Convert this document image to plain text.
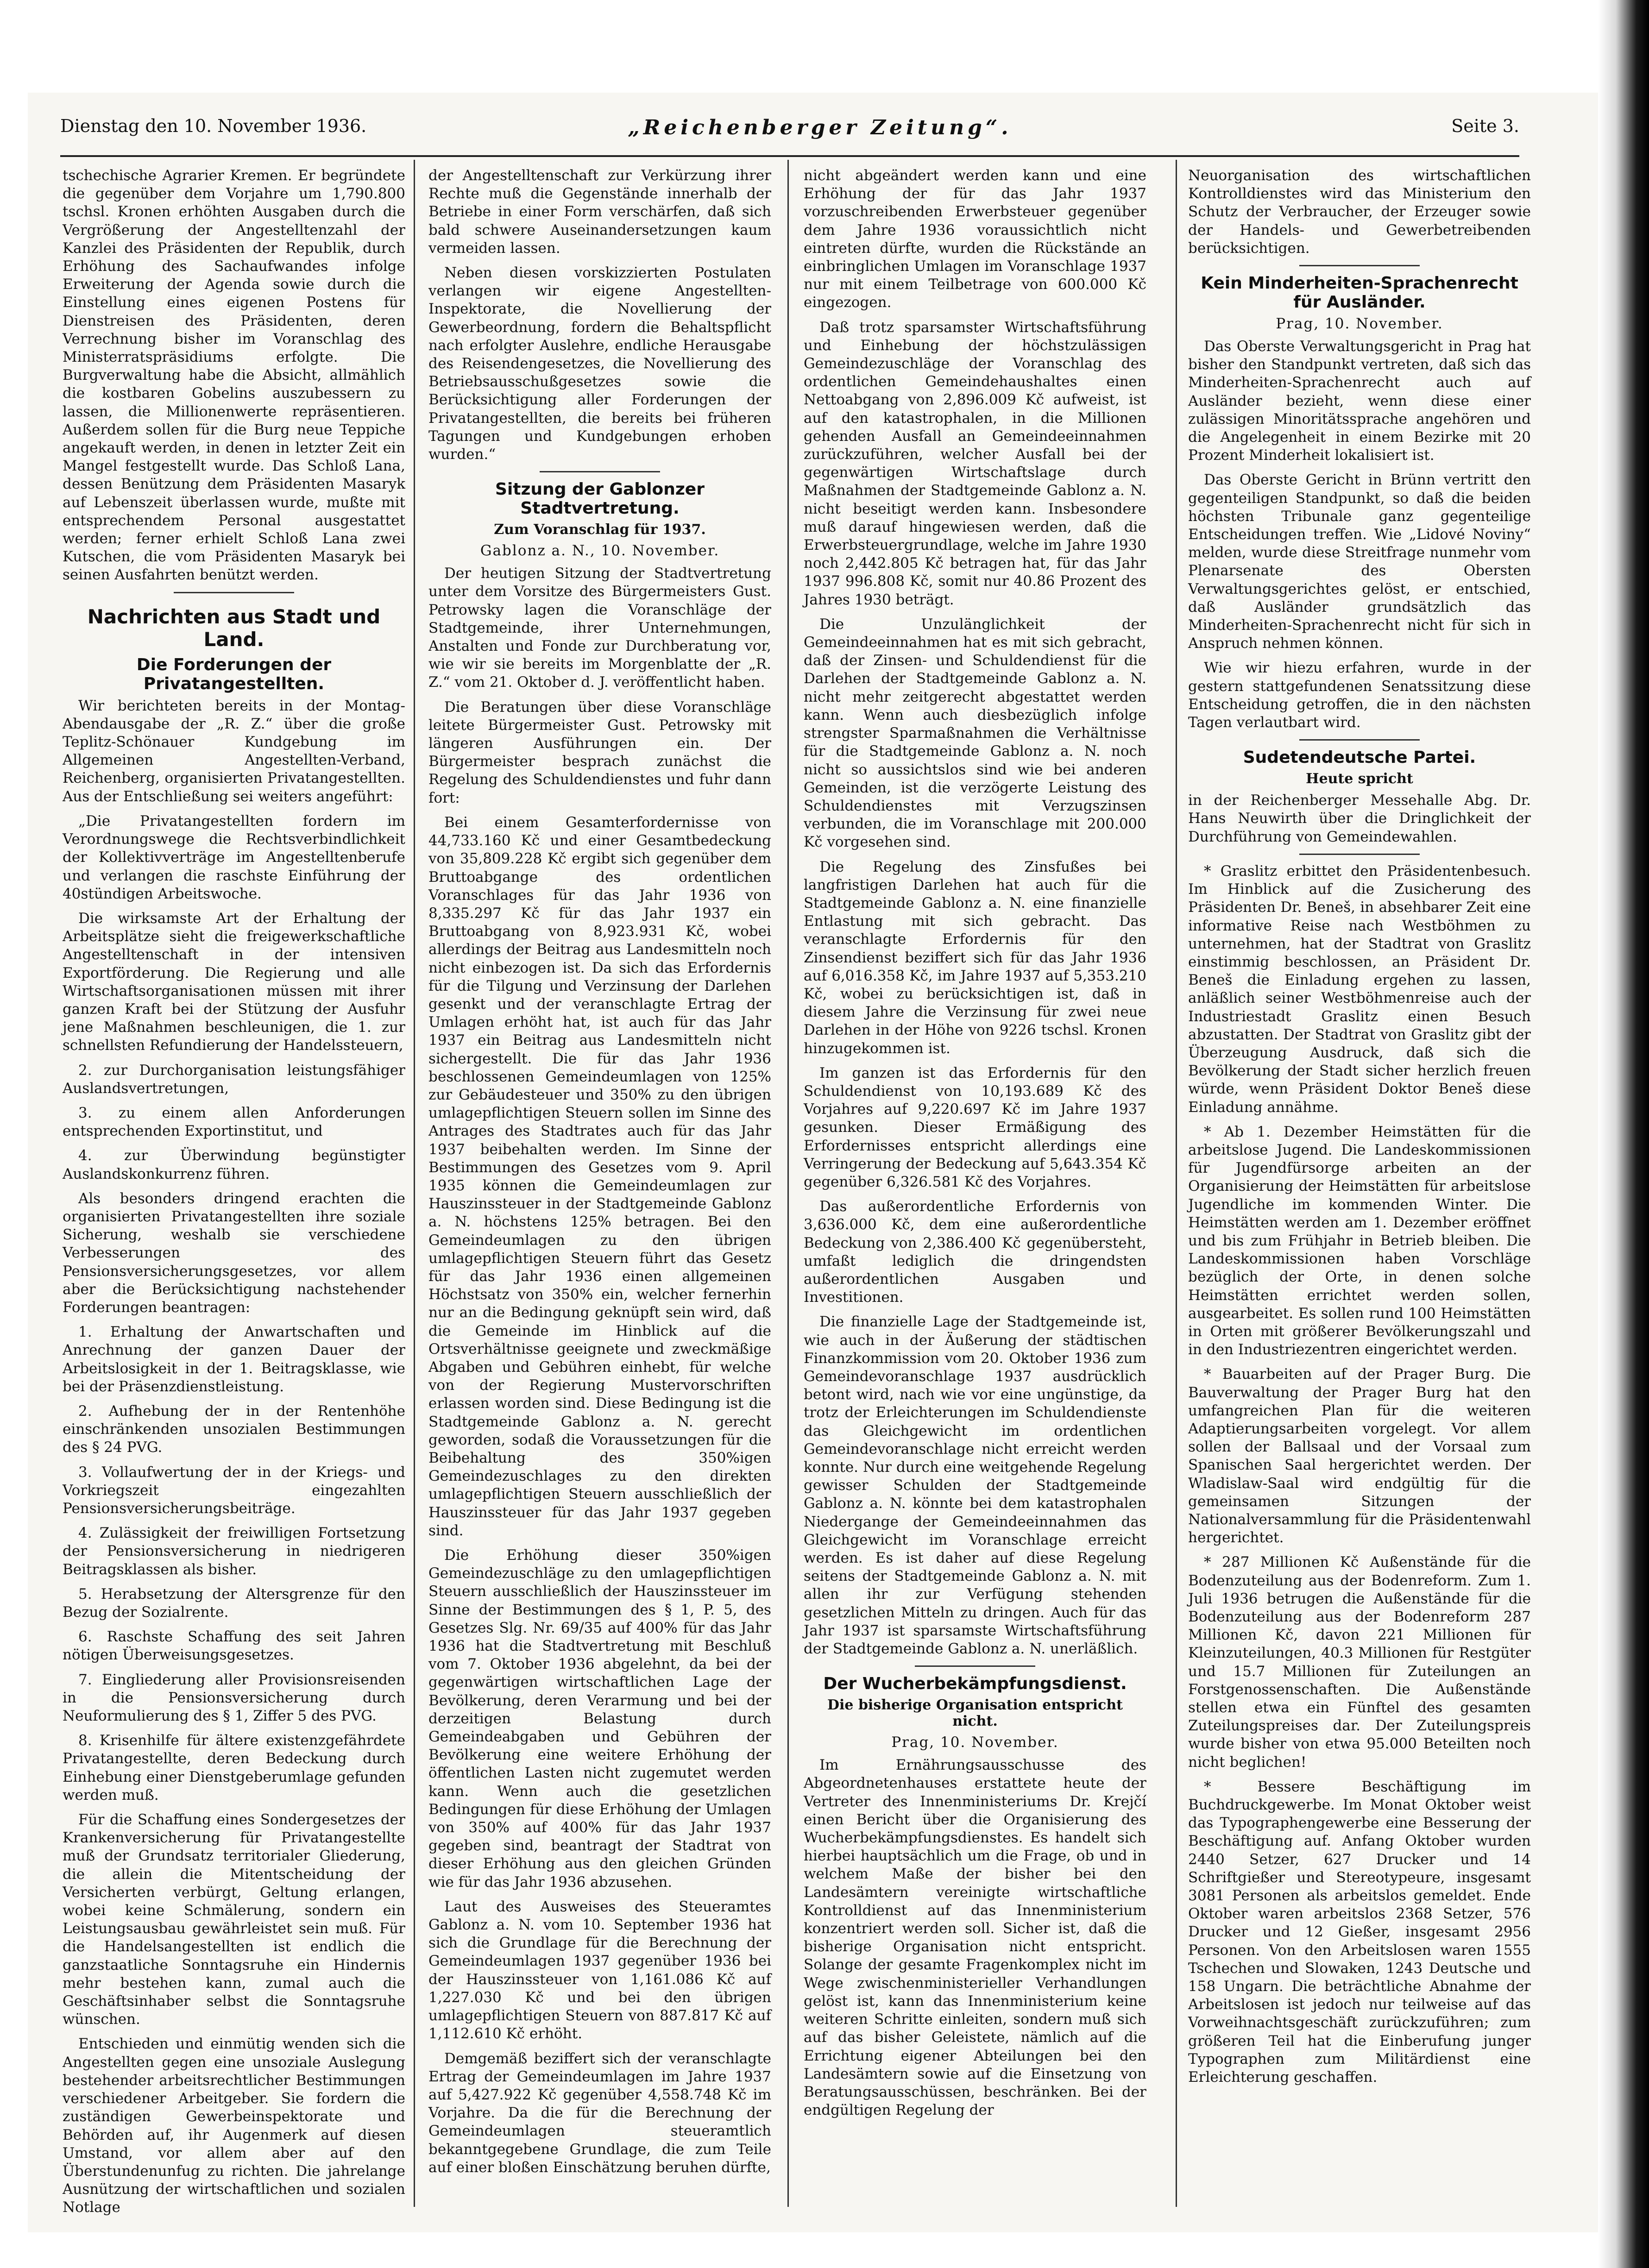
Dienstag den 10. November 1936.	„Reichenberger Zeitung“.	Seite 3.

tschechische Agrarier Kremen. Er begründete die gegenüber dem Vorjahre um 1,790.800 tschsl. Kronen erhöhten Ausgaben durch die Vergrößerung der Angestelltenzahl der Kanzlei des Präsidenten der Republik, durch Erhöhung des Sachaufwandes infolge Erweiterung der Agenda sowie durch die Einstellung eines eigenen Postens für Dienstreisen des Präsidenten, deren Verrechnung bisher im Voranschlag des Ministerratspräsidiums erfolgte. Die Burgverwaltung habe die Absicht, allmählich die kostbaren Gobelins auszubessern zu lassen, die Millionenwerte repräsentieren. Außerdem sollen für die Burg neue Teppiche angekauft werden, in denen in letzter Zeit ein Mangel festgestellt wurde. Das Schloß Lana, dessen Benützung dem Präsidenten Masaryk auf Lebenszeit überlassen wurde, mußte mit entsprechendem Personal ausgestattet werden; ferner erhielt Schloß Lana zwei Kutschen, die vom Präsidenten Masaryk bei seinen Ausfahrten benützt werden.

Nachrichten aus Stadt und Land.
Die Forderungen der Privatangestellten.

Wir berichteten bereits in der Montag-Abendausgabe der „R. Z.“ über die große Teplitz-Schönauer Kundgebung im Allgemeinen Angestellten-Verband, Reichenberg, organisierten Privatangestellten. Aus der Entschließung sei weiters angeführt:

„Die Privatangestellten fordern im Verordnungswege die Rechtsverbindlichkeit der Kollektivverträge im Angestelltenberufe und verlangen die raschste Einführung der 40stündigen Arbeitswoche.

Die wirksamste Art der Erhaltung der Arbeitsplätze sieht die freigewerkschaftliche Angestelltenschaft in der intensiven Exportförderung. Die Regierung und alle Wirtschaftsorganisationen müssen mit ihrer ganzen Kraft bei der Stützung der Ausfuhr jene Maßnahmen beschleunigen, die 1. zur schnellsten Refundierung der Handelssteuern,

2. zur Durchorganisation leistungsfähiger Auslandsvertretungen,

3. zu einem allen Anforderungen entsprechenden Exportinstitut, und

4. zur Überwindung begünstigter Auslandskonkurrenz führen.

Als besonders dringend erachten die organisierten Privatangestellten ihre soziale Sicherung, weshalb sie verschiedene Verbesserungen des Pensionsversicherungsgesetzes, vor allem aber die Berücksichtigung nachstehender Forderungen beantragen:

1. Erhaltung der Anwartschaften und Anrechnung der ganzen Dauer der Arbeitslosigkeit in der 1. Beitragsklasse, wie bei der Präsenzdienstleistung.

2. Aufhebung der in der Rentenhöhe einschränkenden unsozialen Bestimmungen des § 24 PVG.

3. Vollaufwertung der in der Kriegs- und Vorkriegszeit eingezahlten Pensionsversicherungsbeiträge.

4. Zulässigkeit der freiwilligen Fortsetzung der Pensionsversicherung in niedrigeren Beitragsklassen als bisher.

5. Herabsetzung der Altersgrenze für den Bezug der Sozialrente.

6. Raschste Schaffung des seit Jahren nötigen Überweisungsgesetzes.

7. Eingliederung aller Provisionsreisenden in die Pensionsversicherung durch Neuformulierung des § 1, Ziffer 5 des PVG.

8. Krisenhilfe für ältere existenzgefährdete Privatangestellte, deren Bedeckung durch Einhebung einer Dienstgeberumlage gefunden werden muß.

Für die Schaffung eines Sondergesetzes der Krankenversicherung für Privatangestellte muß der Grundsatz territorialer Gliederung, die allein die Mitentscheidung der Versicherten verbürgt, Geltung erlangen, wobei keine Schmälerung, sondern ein Leistungsausbau gewährleistet sein muß. Für die Handelsangestellten ist endlich die ganzstaatliche Sonntagsruhe ein Hindernis mehr bestehen kann, zumal auch die Geschäftsinhaber selbst die Sonntagsruhe wünschen.

Entschieden und einmütig wenden sich die Angestellten gegen eine unsoziale Auslegung bestehender arbeitsrechtlicher Bestimmungen verschiedener Arbeitgeber. Sie fordern die zuständigen Gewerbeinspektorate und Behörden auf, ihr Augenmerk auf diesen Umstand, vor allem aber auf den Überstundenunfug zu richten. Die jahrelange Ausnützung der wirtschaftlichen und sozialen Notlage

der Angestelltenschaft zur Verkürzung ihrer Rechte muß die Gegenstände innerhalb der Betriebe in einer Form verschärfen, daß sich bald schwere Auseinandersetzungen kaum vermeiden lassen.

Neben diesen vorskizzierten Postulaten verlangen wir eigene Angestellten-Inspektorate, die Novellierung der Gewerbeordnung, fordern die Behaltspflicht nach erfolgter Auslehre, endliche Herausgabe des Reisendengesetzes, die Novellierung des Betriebsausschußgesetzes sowie die Berücksichtigung aller Forderungen der Privatangestellten, die bereits bei früheren Tagungen und Kundgebungen erhoben wurden.“

Sitzung der Gablonzer Stadtvertretung.
Zum Voranschlag für 1937.
Gablonz a. N., 10. November.

Der heutigen Sitzung der Stadtvertretung unter dem Vorsitze des Bürgermeisters Gust. Petrowsky lagen die Voranschläge der Stadtgemeinde, ihrer Unternehmungen, Anstalten und Fonde zur Durchberatung vor, wie wir sie bereits im Morgenblatte der „R. Z.“ vom 21. Oktober d. J. veröffentlicht haben.

Die Beratungen über diese Voranschläge leitete Bürgermeister Gust. Petrowsky mit längeren Ausführungen ein. Der Bürgermeister besprach zunächst die Regelung des Schuldendienstes und fuhr dann fort:

Bei einem Gesamterfordernisse von 44,733.160 Kč und einer Gesamtbedeckung von 35,809.228 Kč ergibt sich gegenüber dem Bruttoabgange des ordentlichen Voranschlages für das Jahr 1936 von 8,335.297 Kč für das Jahr 1937 ein Bruttoabgang von 8,923.931 Kč, wobei allerdings der Beitrag aus Landesmitteln noch nicht einbezogen ist. Da sich das Erfordernis für die Tilgung und Verzinsung der Darlehen gesenkt und der veranschlagte Ertrag der Umlagen erhöht hat, ist auch für das Jahr 1937 ein Beitrag aus Landesmitteln nicht sichergestellt. Die für das Jahr 1936 beschlossenen Gemeindeumlagen von 125% zur Gebäudesteuer und 350% zu den übrigen umlagepflichtigen Steuern sollen im Sinne des Antrages des Stadtrates auch für das Jahr 1937 beibehalten werden. Im Sinne der Bestimmungen des Gesetzes vom 9. April 1935 können die Gemeindeumlagen zur Hauszinssteuer in der Stadtgemeinde Gablonz a. N. höchstens 125% betragen. Bei den Gemeindeumlagen zu den übrigen umlagepflichtigen Steuern führt das Gesetz für das Jahr 1936 einen allgemeinen Höchstsatz von 350% ein, welcher fernerhin nur an die Bedingung geknüpft sein wird, daß die Gemeinde im Hinblick auf die Ortsverhältnisse geeignete und zweckmäßige Abgaben und Gebühren einhebt, für welche von der Regierung Mustervorschriften erlassen worden sind. Diese Bedingung ist die Stadtgemeinde Gablonz a. N. gerecht geworden, sodaß die Voraussetzungen für die Beibehaltung des 350%igen Gemeindezuschlages zu den direkten umlagepflichtigen Steuern ausschließlich der Hauszinssteuer für das Jahr 1937 gegeben sind.

Die Erhöhung dieser 350%igen Gemeindezuschläge zu den umlagepflichtigen Steuern ausschließlich der Hauszinssteuer im Sinne der Bestimmungen des § 1, P. 5, des Gesetzes Slg. Nr. 69/35 auf 400% für das Jahr 1936 hat die Stadtvertretung mit Beschluß vom 7. Oktober 1936 abgelehnt, da bei der gegenwärtigen wirtschaftlichen Lage der Bevölkerung, deren Verarmung und bei der derzeitigen Belastung durch Gemeindeabgaben und Gebühren der Bevölkerung eine weitere Erhöhung der öffentlichen Lasten nicht zugemutet werden kann. Wenn auch die gesetzlichen Bedingungen für diese Erhöhung der Umlagen von 350% auf 400% für das Jahr 1937 gegeben sind, beantragt der Stadtrat von dieser Erhöhung aus den gleichen Gründen wie für das Jahr 1936 abzusehen.

Laut des Ausweises des Steueramtes Gablonz a. N. vom 10. September 1936 hat sich die Grundlage für die Berechnung der Gemeindeumlagen 1937 gegenüber 1936 bei der Hauszinssteuer von 1,161.086 Kč auf 1,227.030 Kč und bei den übrigen umlagepflichtigen Steuern von 887.817 Kč auf 1,112.610 Kč erhöht.

Demgemäß beziffert sich der veranschlagte Ertrag der Gemeindeumlagen im Jahre 1937 auf 5,427.922 Kč gegenüber 4,558.748 Kč im Vorjahre. Da die für die Berechnung der Gemeindeumlagen steueramtlich bekanntgegebene Grundlage, die zum Teile auf einer bloßen Einschätzung beruhen dürfte,

nicht abgeändert werden kann und eine Erhöhung der für das Jahr 1937 vorzuschreibenden Erwerbsteuer gegenüber dem Jahre 1936 voraussichtlich nicht eintreten dürfte, wurden die Rückstände an einbringlichen Umlagen im Voranschlage 1937 nur mit einem Teilbetrage von 600.000 Kč eingezogen.

Daß trotz sparsamster Wirtschaftsführung und Einhebung der höchstzulässigen Gemeindezuschläge der Voranschlag des ordentlichen Gemeindehaushaltes einen Nettoabgang von 2,896.009 Kč aufweist, ist auf den katastrophalen, in die Millionen gehenden Ausfall an Gemeindeeinnahmen zurückzuführen, welcher Ausfall bei der gegenwärtigen Wirtschaftslage durch Maßnahmen der Stadtgemeinde Gablonz a. N. nicht beseitigt werden kann. Insbesondere muß darauf hingewiesen werden, daß die Erwerbsteuergrundlage, welche im Jahre 1930 noch 2,442.805 Kč betragen hat, für das Jahr 1937 996.808 Kč, somit nur 40.86 Prozent des Jahres 1930 beträgt.

Die Unzulänglichkeit der Gemeindeeinnahmen hat es mit sich gebracht, daß der Zinsen- und Schuldendienst für die Darlehen der Stadtgemeinde Gablonz a. N. nicht mehr zeitgerecht abgestattet werden kann. Wenn auch diesbezüglich infolge strengster Sparmaßnahmen die Verhältnisse für die Stadtgemeinde Gablonz a. N. noch nicht so aussichtslos sind wie bei anderen Gemeinden, ist die verzögerte Leistung des Schuldendienstes mit Verzugszinsen verbunden, die im Voranschlage mit 200.000 Kč vorgesehen sind.

Die Regelung des Zinsfußes bei langfristigen Darlehen hat auch für die Stadtgemeinde Gablonz a. N. eine finanzielle Entlastung mit sich gebracht. Das veranschlagte Erfordernis für den Zinsendienst beziffert sich für das Jahr 1936 auf 6,016.358 Kč, im Jahre 1937 auf 5,353.210 Kč, wobei zu berücksichtigen ist, daß in diesem Jahre die Verzinsung für zwei neue Darlehen in der Höhe von 9226 tschsl. Kronen hinzugekommen ist.

Im ganzen ist das Erfordernis für den Schuldendienst von 10,193.689 Kč des Vorjahres auf 9,220.697 Kč im Jahre 1937 gesunken. Dieser Ermäßigung des Erfordernisses entspricht allerdings eine Verringerung der Bedeckung auf 5,643.354 Kč gegenüber 6,326.581 Kč des Vorjahres.

Das außerordentliche Erfordernis von 3,636.000 Kč, dem eine außerordentliche Bedeckung von 2,386.400 Kč gegenübersteht, umfaßt lediglich die dringendsten außerordentlichen Ausgaben und Investitionen.

Die finanzielle Lage der Stadtgemeinde ist, wie auch in der Äußerung der städtischen Finanzkommission vom 20. Oktober 1936 zum Gemeindevoranschlage 1937 ausdrücklich betont wird, nach wie vor eine ungünstige, da trotz der Erleichterungen im Schuldendienste das Gleichgewicht im ordentlichen Gemeindevoranschlage nicht erreicht werden konnte. Nur durch eine weitgehende Regelung gewisser Schulden der Stadtgemeinde Gablonz a. N. könnte bei dem katastrophalen Niedergange der Gemeindeeinnahmen das Gleichgewicht im Voranschlage erreicht werden. Es ist daher auf diese Regelung seitens der Stadtgemeinde Gablonz a. N. mit allen ihr zur Verfügung stehenden gesetzlichen Mitteln zu dringen. Auch für das Jahr 1937 ist sparsamste Wirtschaftsführung der Stadtgemeinde Gablonz a. N. unerläßlich.

Der Wucherbekämpfungsdienst.
Die bisherige Organisation entspricht nicht.
Prag, 10. November.

Im Ernährungsausschusse des Abgeordnetenhauses erstattete heute der Vertreter des Innenministeriums Dr. Krejčí einen Bericht über die Organisierung des Wucherbekämpfungsdienstes. Es handelt sich hierbei hauptsächlich um die Frage, ob und in welchem Maße der bisher bei den Landesämtern vereinigte wirtschaftliche Kontrolldienst auf das Innenministerium konzentriert werden soll. Sicher ist, daß die bisherige Organisation nicht entspricht. Solange der gesamte Fragenkomplex nicht im Wege zwischenministerieller Verhandlungen gelöst ist, kann das Innenministerium keine weiteren Schritte einleiten, sondern muß sich auf das bisher Geleistete, nämlich auf die Errichtung eigener Abteilungen bei den Landesämtern sowie auf die Einsetzung von Beratungsausschüssen, beschränken. Bei der endgültigen Regelung der

Neuorganisation des wirtschaftlichen Kontrolldienstes wird das Ministerium den Schutz der Verbraucher, der Erzeuger sowie der Handels- und Gewerbetreibenden berücksichtigen.

Kein Minderheiten-Sprachenrecht für Ausländer.
Prag, 10. November.

Das Oberste Verwaltungsgericht in Prag hat bisher den Standpunkt vertreten, daß sich das Minderheiten-Sprachenrecht auch auf Ausländer bezieht, wenn diese einer zulässigen Minoritätssprache angehören und die Angelegenheit in einem Bezirke mit 20 Prozent Minderheit lokalisiert ist.

Das Oberste Gericht in Brünn vertritt den gegenteiligen Standpunkt, so daß die beiden höchsten Tribunale ganz gegenteilige Entscheidungen treffen. Wie „Lidové Noviny“ melden, wurde diese Streitfrage nunmehr vom Plenarsenate des Obersten Verwaltungsgerichtes gelöst, er entschied, daß Ausländer grundsätzlich das Minderheiten-Sprachenrecht nicht für sich in Anspruch nehmen können.

Wie wir hiezu erfahren, wurde in der gestern stattgefundenen Senatssitzung diese Entscheidung getroffen, die in den nächsten Tagen verlautbart wird.

Sudetendeutsche Partei.
Heute spricht

in der Reichenberger Messehalle Abg. Dr. Hans Neuwirth über die Dringlichkeit der Durchführung von Gemeindewahlen.

* Graslitz erbittet den Präsidentenbesuch. Im Hinblick auf die Zusicherung des Präsidenten Dr. Beneš, in absehbarer Zeit eine informative Reise nach Westböhmen zu unternehmen, hat der Stadtrat von Graslitz einstimmig beschlossen, an Präsident Dr. Beneš die Einladung ergehen zu lassen, anläßlich seiner Westböhmenreise auch der Industriestadt Graslitz einen Besuch abzustatten. Der Stadtrat von Graslitz gibt der Überzeugung Ausdruck, daß sich die Bevölkerung der Stadt sicher herzlich freuen würde, wenn Präsident Doktor Beneš diese Einladung annähme.

* Ab 1. Dezember Heimstätten für die arbeitslose Jugend. Die Landeskommissionen für Jugendfürsorge arbeiten an der Organisierung der Heimstätten für arbeitslose Jugendliche im kommenden Winter. Die Heimstätten werden am 1. Dezember eröffnet und bis zum Frühjahr in Betrieb bleiben. Die Landeskommissionen haben Vorschläge bezüglich der Orte, in denen solche Heimstätten errichtet werden sollen, ausgearbeitet. Es sollen rund 100 Heimstätten in Orten mit größerer Bevölkerungszahl und in den Industriezentren eingerichtet werden.

* Bauarbeiten auf der Prager Burg. Die Bauverwaltung der Prager Burg hat den umfangreichen Plan für die weiteren Adaptierungsarbeiten vorgelegt. Vor allem sollen der Ballsaal und der Vorsaal zum Spanischen Saal hergerichtet werden. Der Wladislaw-Saal wird endgültig für die gemeinsamen Sitzungen der Nationalversammlung für die Präsidentenwahl hergerichtet.

* 287 Millionen Kč Außenstände für die Bodenzuteilung aus der Bodenreform. Zum 1. Juli 1936 betrugen die Außenstände für die Bodenzuteilung aus der Bodenreform 287 Millionen Kč, davon 221 Millionen für Kleinzuteilungen, 40.3 Millionen für Restgüter und 15.7 Millionen für Zuteilungen an Forstgenossenschaften. Die Außenstände stellen etwa ein Fünftel des gesamten Zuteilungspreises dar. Der Zuteilungspreis wurde bisher von etwa 95.000 Beteilten noch nicht beglichen!

* Bessere Beschäftigung im Buchdruckgewerbe. Im Monat Oktober weist das Typographengewerbe eine Besserung der Beschäftigung auf. Anfang Oktober wurden 2440 Setzer, 627 Drucker und 14 Schriftgießer und Stereotypeure, insgesamt 3081 Personen als arbeitslos gemeldet. Ende Oktober waren arbeitslos 2368 Setzer, 576 Drucker und 12 Gießer, insgesamt 2956 Personen. Von den Arbeitslosen waren 1555 Tschechen und Slowaken, 1243 Deutsche und 158 Ungarn. Die beträchtliche Abnahme der Arbeitslosen ist jedoch nur teilweise auf das Vorweihnachtsgeschäft zurückzuführen; zum größeren Teil hat die Einberufung junger Typographen zum Militärdienst eine Erleichterung geschaffen.
